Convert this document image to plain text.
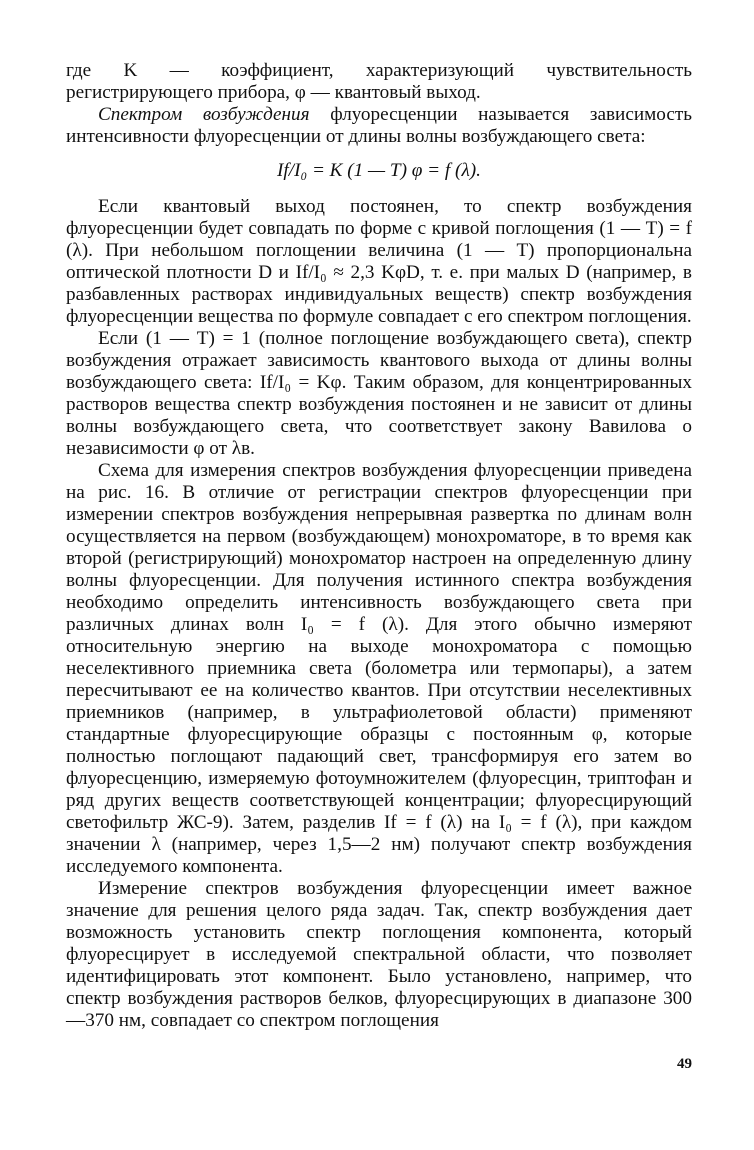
где K — коэффициент, характеризующий чувствительность регистрирующего прибора, φ — квантовый выход.

Спектром возбуждения флуоресценции называется зависимость интенсивности флуоресценции от длины волны возбуждающего света:

If/I₀ = K (1 — T) φ = f (λ).

Если квантовый выход постоянен, то спектр возбуждения флуоресценции будет совпадать по форме с кривой поглощения (1 — T) = f (λ). При небольшом поглощении величина (1 — T) пропорциональна оптической плотности D и If/I₀ ≈ 2,3 KφD, т. е. при малых D (например, в разбавленных растворах индивидуальных веществ) спектр возбуждения флуоресценции вещества по формуле совпадает с его спектром поглощения.

Если (1 — T) = 1 (полное поглощение возбуждающего света), спектр возбуждения отражает зависимость квантового выхода от длины волны возбуждающего света: If/I₀ = Kφ. Таким образом, для концентрированных растворов вещества спектр возбуждения постоянен и не зависит от длины волны возбуждающего света, что соответствует закону Вавилова о независимости φ от λв.

Схема для измерения спектров возбуждения флуоресценции приведена на рис. 16. В отличие от регистрации спектров флуоресценции при измерении спектров возбуждения непрерывная развертка по длинам волн осуществляется на первом (возбуждающем) монохроматоре, в то время как второй (регистрирующий) монохроматор настроен на определенную длину волны флуоресценции. Для получения истинного спектра возбуждения необходимо определить интенсивность возбуждающего света при различных длинах волн I₀ = f (λ). Для этого обычно измеряют относительную энергию на выходе монохроматора с помощью неселективного приемника света (болометра или термопары), а затем пересчитывают ее на количество квантов. При отсутствии неселективных приемников (например, в ультрафиолетовой области) применяют стандартные флуоресцирующие образцы с постоянным φ, которые полностью поглощают падающий свет, трансформируя его затем во флуоресценцию, измеряемую фотоумножителем (флуоресцин, триптофан и ряд других веществ соответствующей концентрации; флуоресцирующий светофильтр ЖС-9). Затем, разделив If = f (λ) на I₀ = f (λ), при каждом значении λ (например, через 1,5—2 нм) получают спектр возбуждения исследуемого компонента.

Измерение спектров возбуждения флуоресценции имеет важное значение для решения целого ряда задач. Так, спектр возбуждения дает возможность установить спектр поглощения компонента, который флуоресцирует в исследуемой спектральной области, что позволяет идентифицировать этот компонент. Было установлено, например, что спектр возбуждения растворов белков, флуоресцирующих в диапазоне 300—370 нм, совпадает со спектром поглощения

49
